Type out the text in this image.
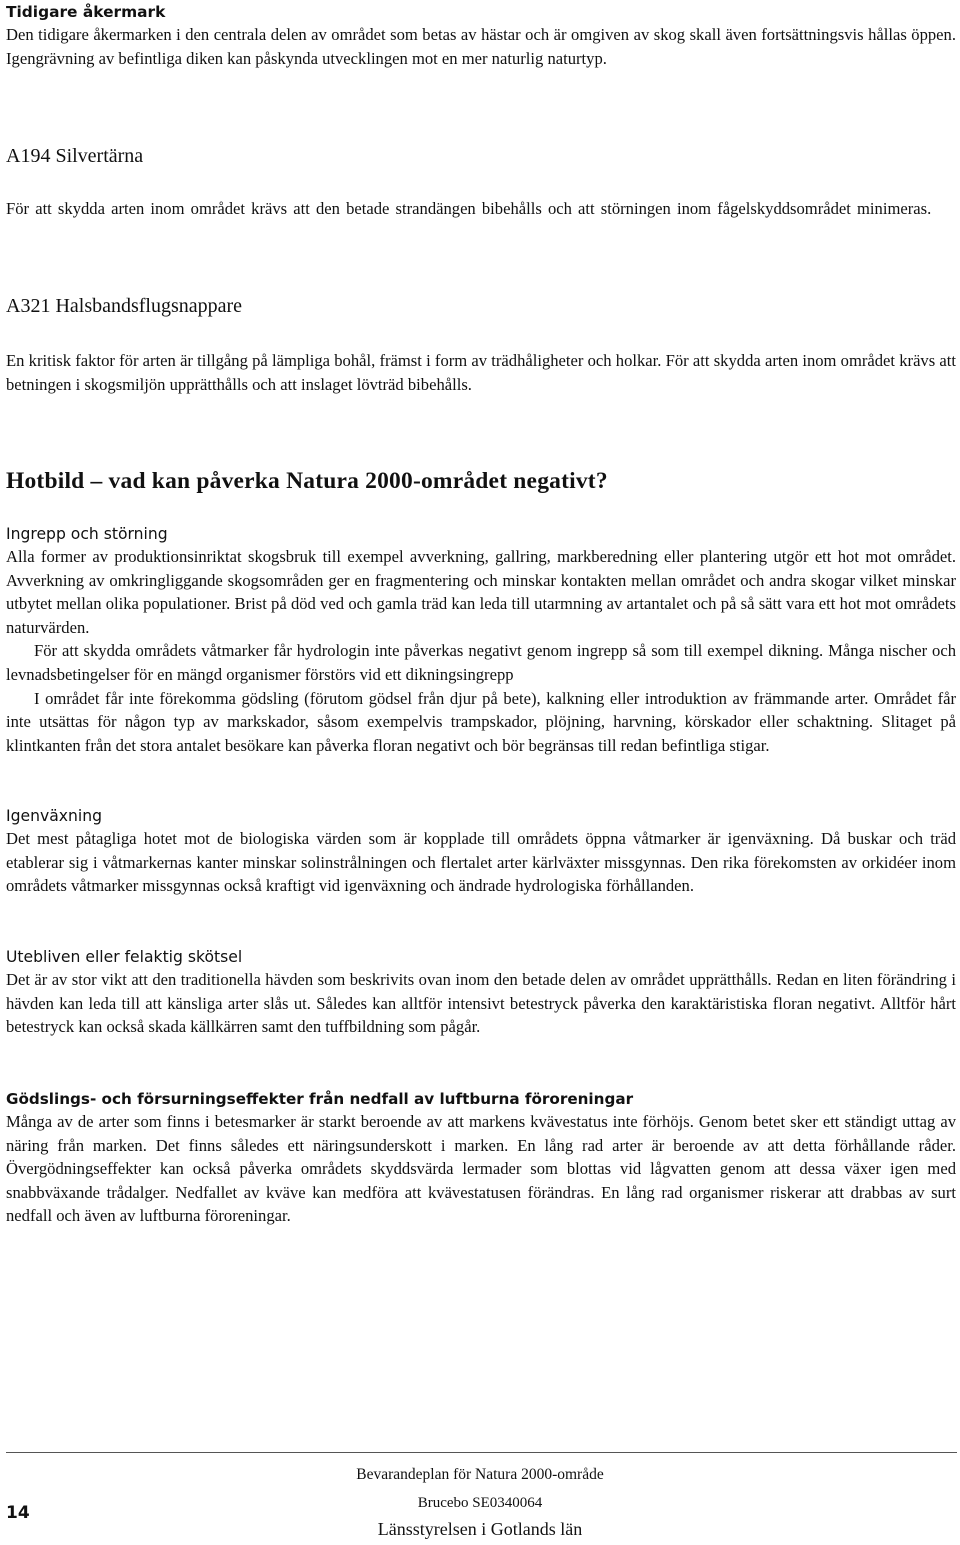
Tidigare åkermark

Den tidigare åkermarken i den centrala delen av området som betas av hästar och är omgiven av skog skall även fortsättningsvis hållas öppen. Igengrävning av befintliga diken kan påskynda utvecklingen mot en mer naturlig naturtyp.

A194 Silvertärna

För att skydda arten inom området krävs att den betade strandängen bibehålls och att störningen inom fågelskyddsområdet minimeras.

A321 Halsbandsflugsnappare

En kritisk faktor för arten är tillgång på lämpliga bohål, främst i form av trädhåligheter och holkar. För att skydda arten inom området krävs att betningen i skogsmiljön upprätthålls och att inslaget lövträd bibehålls.

Hotbild – vad kan påverka Natura 2000-området negativt?
Ingrepp och störning

Alla former av produktionsinriktat skogsbruk till exempel avverkning, gallring, markberedning eller plantering utgör ett hot mot området. Avverkning av omkringliggande skogsområden ger en fragmentering och minskar kontakten mellan området och andra skogar vilket minskar utbytet mellan olika populationer. Brist på död ved och gamla träd kan leda till utarmning av artantalet och på så sätt vara ett hot mot områdets naturvärden.

För att skydda områdets våtmarker får hydrologin inte påverkas negativt genom ingrepp så som till exempel dikning. Många nischer och levnadsbetingelser för en mängd organismer förstörs vid ett dikningsingrepp

I området får inte förekomma gödsling (förutom gödsel från djur på bete), kalkning eller introduktion av främmande arter. Området får inte utsättas för någon typ av markskador, såsom exempelvis trampskador, plöjning, harvning, körskador eller schaktning. Slitaget på klintkanten från det stora antalet besökare kan påverka floran negativt och bör begränsas till redan befintliga stigar.

Igenväxning

Det mest påtagliga hotet mot de biologiska värden som är kopplade till områdets öppna våtmarker är igenväxning. Då buskar och träd etablerar sig i våtmarkernas kanter minskar solinstrålningen och flertalet arter kärlväxter missgynnas. Den rika förekomsten av orkidéer inom områdets våtmarker missgynnas också kraftigt vid igenväxning och ändrade hydrologiska förhållanden.

Utebliven eller felaktig skötsel

Det är av stor vikt att den traditionella hävden som beskrivits ovan inom den betade delen av området upprätthålls. Redan en liten förändring i hävden kan leda till att känsliga arter slås ut. Således kan alltför intensivt betestryck påverka den karaktäristiska floran negativt. Alltför hårt betestryck kan också skada källkärren samt den tuffbildning som pågår.

Gödslings- och försurningseffekter från nedfall av luftburna föroreningar

Många av de arter som finns i betesmarker är starkt beroende av att markens kvävestatus inte förhöjs. Genom betet sker ett ständigt uttag av näring från marken. Det finns således ett näringsunderskott i marken. En lång rad arter är beroende av att detta förhållande råder. Övergödningseffekter kan också påverka områdets skyddsvärda lermader som blottas vid lågvatten genom att dessa växer igen med snabbväxande trådalger. Nedfallet av kväve kan medföra att kvävestatusen förändras. En lång rad organismer riskerar att drabbas av surt nedfall och även av luftburna föroreningar.

14
Bevarandeplan för Natura 2000-område
Brucebo SE0340064
Länsstyrelsen i Gotlands län
